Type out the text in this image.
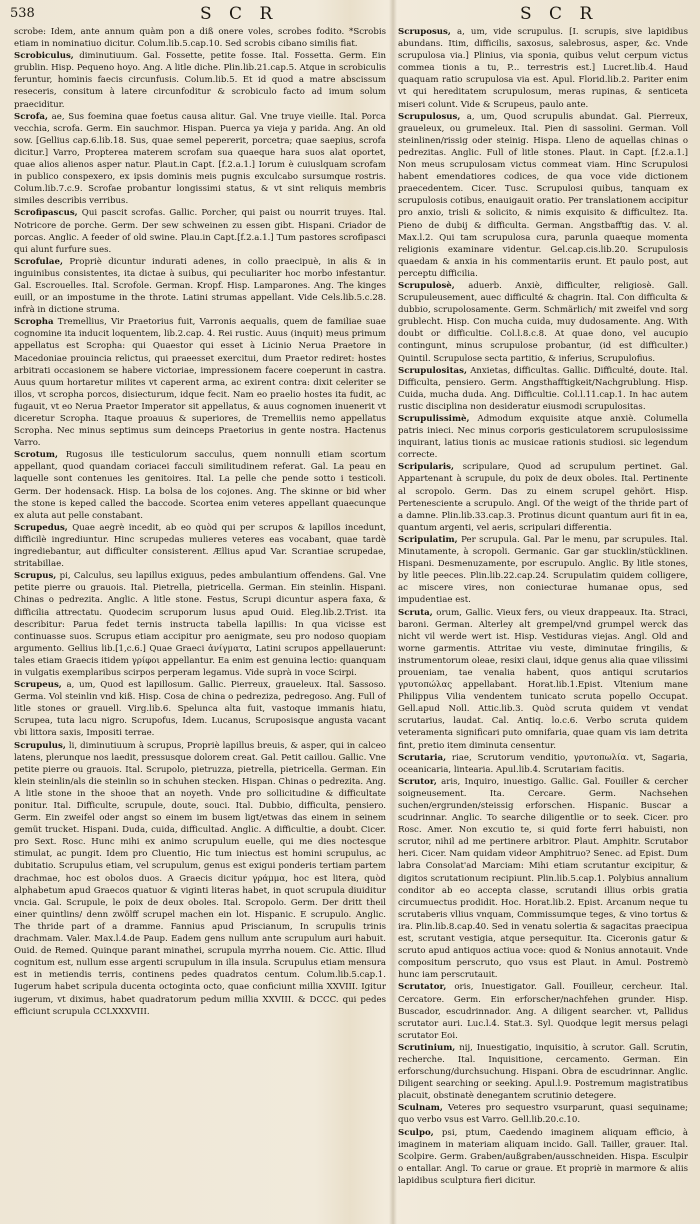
538	S C R	S C R

scrobe: Idem, ante annum quàm pon a diß onere voles, scrobes fodito. *Scrobis etiam in nominatiuo dicitur. Colum.lib.5.cap.10. Sed scrobis cibano similis fiat.

Scrobiculus, diminutiuum. Gal. Fossette, petite fosse. Ital. Fossetta. Germ. Ein grublin. Hisp. Pequeno hoyo. Ang. A litle diche. Plin.lib.21.cap.5. Atque in scrobiculis feruntur, hominis faecis circunfusis. Colum.lib.5. Et id quod a matre abscissum reseceris, consitum à latere circunfoditur & scrobiculo facto ad imum solum praeciditur.

Scrofa, ae, Sus foemina quae foetus causa alitur. Gal. Vne truye vieille. Ital. Porca vecchia, scrofa. Germ. Ein sauchmor. Hispan. Puerca ya vieja y parida. Ang. An old sow. [Gellius cap.6.lib.18. Sus, quae semel pepererit, porcetra; quae saepius, scrofa dicitur.] Varro, Propterea materem scrofam sua quaeque hara suos alat oportet, quae alios alienos asper natur. Plaut.in Capt. [f.2.a.1.] Iorum è cuiuslquam scrofam in publico conspexero, ex ipsis dominis meis pugnis exculcabo sursumque rostris. Colum.lib.7.c.9. Scrofae probantur longissimi status, & vt sint reliquis membris similes describis verribus.

Scrofipascus, Qui pascit scrofas. Gallic. Porcher, qui paist ou nourrit truyes. Ital. Notricore de porche. Germ. Der sew schweinen zu essen gibt. Hispani. Criador de porcas. Anglic. A feeder of old swine. Plau.in Capt.[f.2.a.1.] Tum pastores scrofipasci qui alunt furfure sues.

Scrofulae, Propriè dicuntur indurati adenes, in collo praecipuè, in alis & in inguinibus consistentes, ita dictae à suibus, qui peculiariter hoc morbo infestantur. Gal. Escrouelles. Ital. Scrofole. German. Kropf. Hisp. Lamparones. Ang. The kinges euill, or an impostume in the throte. Latini strumas appellant. Vide Cels.lib.5.c.28. infrà in dictione struma.

Scropha Tremellius, Vir Praetorius fuit, Varronis aequalis, quem de familiae suae cognomine ita inducit loquentem, lib.2.cap. 4. Rei rustic. Auus (inquit) meus primum appellatus est Scropha: qui Quaestor qui esset à Licinio Nerua Praetore in Macedoniae prouincia relictus, qui praeesset exercitui, dum Praetor rediret: hostes arbitrati occasionem se habere victoriae, impressionem facere coeperunt in castra. Auus quum hortaretur milites vt caperent arma, ac exirent contra: dixit celeriter se illos, vt scropha porcos, disiecturum, idque fecit. Nam eo praelio hostes ita fudit, ac fugauit, vt eo Nerua Praetor Imperator sit appellatus, & auus cognomen inuenerit vt diceretur Scropha. Itaque proauus & superiores, de Tremelliis nemo appellatus Scropha. Nec minus septimus sum deinceps Praetorius in gente nostra. Hactenus Varro.

Scrotum, Rugosus ille testiculorum sacculus, quem nonnulli etiam scortum appellant, quod quandam coriacei facculi similitudinem referat. Gal. La peau en laquelle sont contenues les genitoires. Ital. La pelle che pende sotto i testicoli. Germ. Der hodensack. Hisp. La bolsa de los cojones. Ang. The skinne or bid wher the stone is keped called the baccode. Scortea enim veteres appellant quaecunque ex aluta aut pelle constabant.

Scrupedus, Quae aegrè incedit, ab eo quòd qui per scrupos & lapillos incedunt, difficilè ingrediuntur. Hinc scrupedas mulieres veteres eas vocabant, quae tardè ingrediebantur, aut difficulter consisterent. Ællius apud Var. Scrantiae scrupedae, stritabillae.

Scrupus, pi, Calculus, seu lapillus exiguus, pedes ambulantium offendens. Gal. Vne petite pierre ou grauois. Ital. Pietrella, pietricella. German. Ein steinlin. Hispani. Chinas o pedrezita. Anglic. A litle stone. Festus, Scrupi dicuntur aspera faxa, & difficilia attrectatu. Quodecim scruporum lusus apud Ouid. Eleg.lib.2.Trist. ita describitur: Parua fedet ternis instructa tabella lapillis: In qua vicisse est continuasse suos. Scrupus etiam accipitur pro aenigmate, seu pro nodoso quopiam argumento. Gellius lib.[1,c.6.] Quae Graeci ἀνίγματα, Latini scrupos appellauerunt: tales etiam Graecis itidem γρίφοι appellantur. Ea enim est genuina lectio: quanquam in vulgatis exemplaribus scirpos perperam legamus. Vide suprà in voce Scirpi.

Scrupeus, a, um, Quod est lapillosum. Gallic. Pierreux, graueleux. Ital. Sassoso. Germa. Vol steinlin vnd kiß. Hisp. Cosa de china o pedreziza, pedregoso. Ang. Full of litle stones or grauell. Virg.lib.6. Spelunca alta fuit, vastoque immanis hiatu, Scrupea, tuta lacu nigro. Scrupofus, Idem. Lucanus, Scruposisque angusta vacant vbi littora saxis, Impositi terrae.

Scrupulus, li, diminutiuum à scrupus, Propriè lapillus breuis, & asper, qui in calceo latens, plerunque nos laedit, pressusque dolorem creat. Gal. Petit caillou. Gallic. Vne petite pierre ou grauois. Ital. Scrupolo, pietruzza, pietrella, pietricella. German. Ein klein steinlin/als die steinlin so in schuhen stecken. Hispan. Chinas o pedrezita. Ang. A litle stone in the shooe that an noyeth. Vnde pro sollicitudine & difficultate ponitur. Ital. Difficulte, scrupule, doute, souci. Ital. Dubbio, difficulta, pensiero. Germ. Ein zweifel oder angst so einem im busem ligt/etwas das einem in seinem gemüt trucket. Hispani. Duda, cuida, difficultad. Anglic. A difficultie, a doubt. Cicer. pro Sext. Rosc. Hunc mihi ex animo scrupulum euelle, qui me dies noctesque stimulat, ac pungit. Idem pro Cluentio, Hic tum iniectus est homini scrupulus, ac dubitatio. Scrupulus etiam, vel scrupulum, genus est exigui ponderis tertiam partem drachmae, hoc est obolos duos. A Graecis dicitur γράμμα, hoc est litera, quòd alphabetum apud Graecos quatuor & viginti literas habet, in quot scrupula diuiditur vncia. Gal. Scrupule, le poix de deux oboles. Ital. Scropolo. Germ. Der dritt theil einer quintlins/ denn zwölff scrupel machen ein lot. Hispanic. E scrupulo. Anglic. The thride part of a dramme. Fannius apud Priscianum, In scrupulis trinis drachmam. Valer. Max.l.4.de Paup. Eadem gens nullum ante scrupulum auri habuit. Ouid. de Remed. Quinque parant minathei, scrupula myrrha nouem. Cic. Attic. Illud cognitum est, nullum esse argenti scrupulum in illa insula. Scrupulus etiam mensura est in metiendis terris, continens pedes quadratos centum. Colum.lib.5.cap.1. Iugerum habet scripula ducenta octoginta octo, quae conficiunt millia XXVIII. Igitur iugerum, vt diximus, habet quadratorum pedum millia XXVIII. & DCCC. qui pedes efficiunt scrupula CCLXXXVIII.

Scruposus, a, um, vide scrupulus. [I. scrupis, sive lapidibus abundans. Itim, difficilis, saxosus, salebrosus, asper, &c. Vnde scrupulosa via.] Plinius, via sponia, quibus velut cerpum victus commea tionis a tu, P... terrestris est.] Lucret.lib.4. Haud quaquam ratio scrupulosa via est. Apul. Florid.lib.2. Pariter enim vt qui hereditatem scrupulosum, meras rupinas, & senticeta miseri colunt. Vide & Scrupeus, paulo ante.

Scrupulosus, a, um, Quod scrupulis abundat. Gal. Pierreux, graueleux, ou grumeleux. Ital. Pien di sassolini. German. Voll steinlinen/rissig oder steinig. Hispa. Lleno de aquellas chinas o pedrezitas. Anglic. Full of litle stones. Plaut. in Capt. [f.2.a.1.] Non meus scrupulosam victus commeat viam. Hinc Scrupulosi habent emendatiores codices, de qua voce vide dictionem praecedentem. Cicer. Tusc. Scrupulosi quibus, tanquam ex scrupulosis cotibus, enauigauit oratio. Per translationem accipitur pro anxio, trisli & solicito, & nimis exquisito & difficultez. Ita. Pieno de dubij & difficulta. German. Angstbafftig das. V. al. Max.l.2. Qui tam scrupulosa cura, parunla quaeque momenta religionis examinare videntur. Gel.cap.cis.lib.20. Scrupulosis quaedam & anxia in his commentariis erunt. Et paulo post, aut perceptu difficilia.

Scrupulosè, aduerb. Anxiè, difficulter, religiosè. Gall. Scrupuleusement, auec difficulté & chagrin. Ital. Con difficulta & dubbio, scrupolosamente. Germ. Schmärlich/ mit zweifel vnd sorg grublecht. Hisp. Con mucha cuida, muy dudosamente. Ang. With doubt or difficultie. Col.l.8.c.8. At quae dono, vel aucupio contingunt, minus scrupulose probantur, (id est difficulter.) Quintil. Scrupulose secta partitio, & inferius, Scrupulofius.

Scrupulositas, Anxietas, difficultas. Gallic. Difficulté, doute. Ital. Difficulta, pensiero. Germ. Angsthafftigkeit/Nachgrublung. Hisp. Cuida, mucha duda. Ang. Difficultie. Col.l.11.cap.1. In hac autem rustic disciplina non desideratur eiusmodi scrupulositas.

Scrupulissimè, Admodum exquisite atque anxiè. Columella patris inieci. Nec minus corporis gesticulatorem scrupulosissime inquirant, latius tionis ac musicae rationis studiosi. sic legendum correcte.

Scripularis, scripulare, Quod ad scrupulum pertinet. Gal. Appartenant à scrupule, du poix de deux oboles. Ital. Pertinente al scropolo. Germ. Das zu einem scrupel gehört. Hisp. Pertenesciente a scrupulo. Angl. Of the weigt of the thride part of a damne. Plin.lib.33.cap.3. Protinus dicunt quantum auri fit in ea, quantum argenti, vel aeris, scripulari differentia.

Scripulatim, Per scrupula. Gal. Par le menu, par scrupules. Ital. Minutamente, à scropoli. Germanic. Gar gar stucklin/stücklinen. Hispani. Desmenuzamente, por escrupulo. Anglic. By litle stones, by litle peeces. Plin.lib.22.cap.24. Scrupulatim quidem colligere, ac miscere vires, non coniecturae humanae opus, sed impudentiae est.

Scruta, orum, Gallic. Vieux fers, ou vieux drappeaux. Ita. Straci, baroni. German. Alterley alt grempel/vnd grumpel werck das nicht vil werde wert ist. Hisp. Vestiduras viejas. Angl. Old and worne garmentis. Attritae viu veste, diminutae fringilis, & instrumentorum oleae, resixi claui, idque genus alia quae vilissimi proueniam, tae venalia habent, quos antiqui scrutarios γρυτοπώλας appellabant. Horat.lib.1.Epist. Vltenium mane Philippus Vilia vendentem tunicato scruta popello Occupat. Gell.apud Noll. Attic.lib.3. Quòd scruta quidem vt vendat scrutarius, laudat. Cal. Antiq. lo.c.6. Verbo scruta quidem veteramenta significari puto omnifaria, quae quam vis iam detrita fint, pretio item diminuta censentur.

Scrutaria, riae, Scrutorum venditio, γρυτοπωλία. vt, Sagaria, oceanicaria, lintearia. Apul.lib.4. Scrutariam facitis.

Scrutor, aris, Inquiro, inuestigo. Gallic. Gal. Fouiller & cercher soigneusement. Ita. Cercare. Germ. Nachsehen suchen/ergrunden/steissig erforschen. Hispanic. Buscar a scudrinnar. Anglic. To searche diligentlie or to seek. Cicer. pro Rosc. Amer. Non excutio te, si quid forte ferri habuisti, non scrutor, nihil ad me pertinere arbitror. Plaut. Amphitr. Scrutabor heri. Cicer. Nam quidam videor Amphitruo? Senec. ad Epist. Dum labra Consolat'ad Marciam: Mihi etiam scrutantur excipitur, & digitos scrutationum recipiunt. Plin.lib.5.cap.1. Polybius annalium conditor ab eo accepta classe, scrutandi illius orbis gratia circumuectus prodidit. Hoc. Horat.lib.2. Epist. Arcanum neque tu scrutaberis vllius vnquam, Commissumque teges, & vino tortus & ira. Plin.lib.8.cap.40. Sed in venatu solertia & sagacitas praecipua est, scrutant vestigia, atque persequitur. Ita. Ciceronis gatur & scruto apud antiquos actiua voce: quod & Nonius annotauit. Vnde compositum perscruto, quo vsus est Plaut. in Amul. Postremò hunc iam perscrutauit.

Scrutator, oris, Inuestigator. Gall. Fouilleur, cercheur. Ital. Cercatore. Germ. Ein erforscher/nachfehen grunder. Hisp. Buscador, escudrinnador. Ang. A diligent searcher. vt, Pallidus scrutator auri. Luc.l.4. Stat.3. Syl. Quodque legit mersus pelagi scrutator Eoi.

Scrutinium, nij, Inuestigatio, inquisitio, à scrutor. Gall. Scrutin, recherche. Ital. Inquisitione, cercamento. German. Ein erforschung/durchsuchung. Hispani. Obra de escudrinnar. Anglic. Diligent searching or seeking. Apul.l.9. Postremum magistratibus placuit, obstinatè denegantem scrutinio detegere.

Sculnam, Veteres pro sequestro vsurparunt, quasi sequiname; quo verbo vsus est Varro. Gell.lib.20.c.10.

Sculpo, psi, ptum, Caedendo imaginem aliquam efficio, à imaginem in materiam aliquam incido. Gall. Tailler, grauer. Ital. Scolpire. Germ. Graben/außgraben/ausschneiden. Hispa. Esculpir o entallar. Angl. To carue or graue. Et propriè in marmore & aliis lapidibus sculptura fieri dicitur.
